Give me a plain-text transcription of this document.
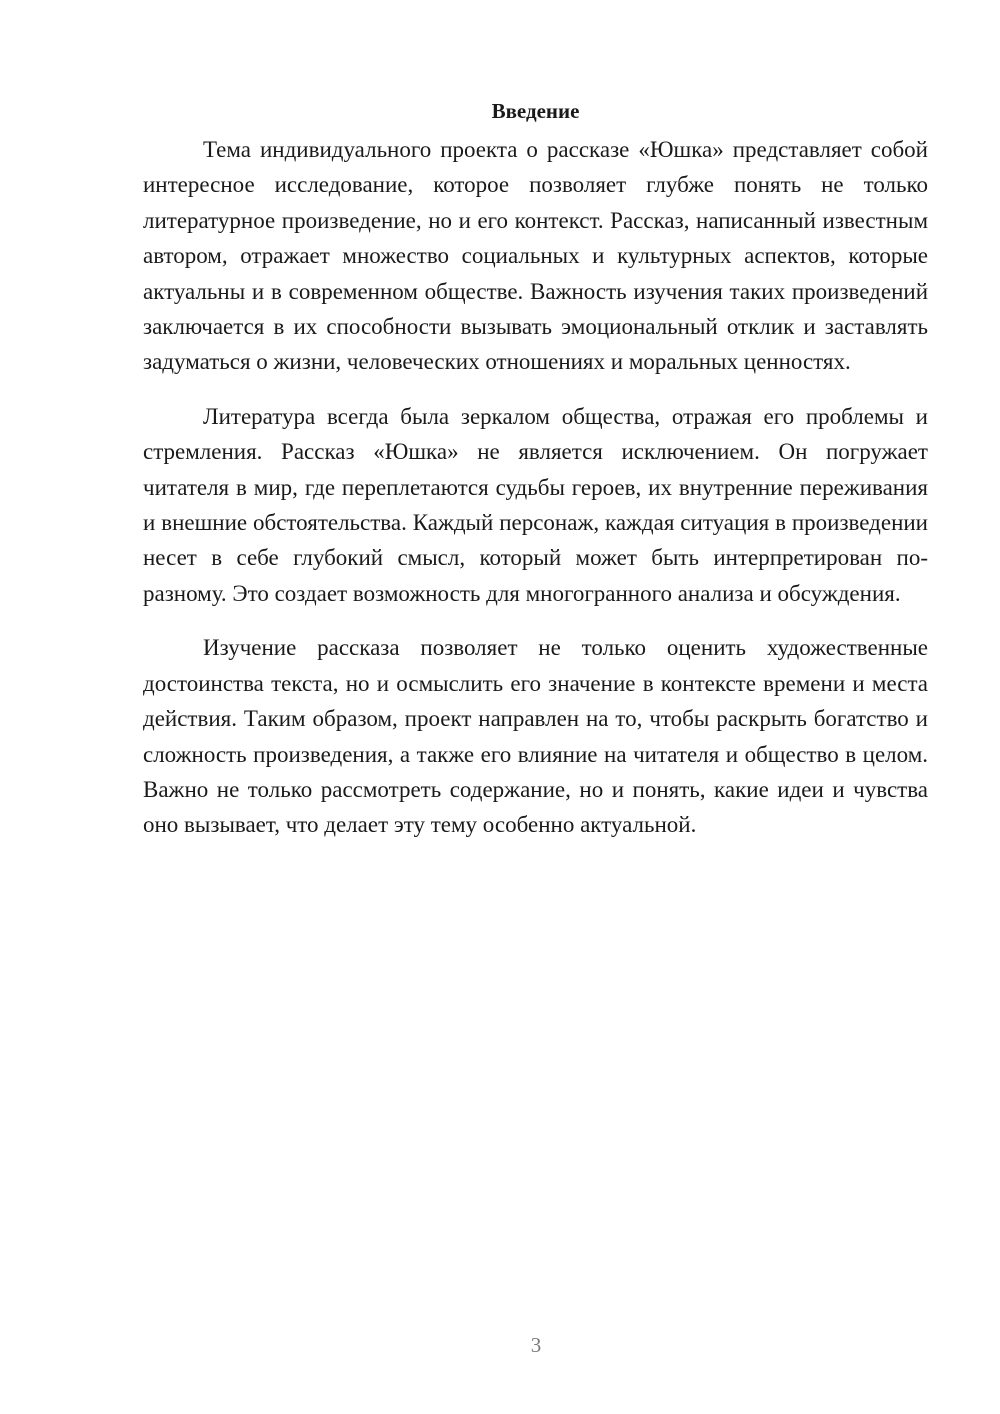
Введение

Тема индивидуального проекта о рассказе «Юшка» представляет собой интересное исследование, которое позволяет глубже понять не только литературное произведение, но и его контекст. Рассказ, написанный известным автором, отражает множество социальных и культурных аспектов, которые актуальны и в современном обществе. Важность изучения таких произведений заключается в их способности вызывать эмоциональный отклик и заставлять задуматься о жизни, человеческих отношениях и моральных ценностях.

Литература всегда была зеркалом общества, отражая его проблемы и стремления. Рассказ «Юшка» не является исключением. Он погружает читателя в мир, где переплетаются судьбы героев, их внутренние переживания и внешние обстоятельства. Каждый персонаж, каждая ситуация в произведении несет в себе глубокий смысл, который может быть интерпретирован по-разному. Это создает возможность для многогранного анализа и обсуждения.

Изучение рассказа позволяет не только оценить художественные достоинства текста, но и осмыслить его значение в контексте времени и места действия. Таким образом, проект направлен на то, чтобы раскрыть богатство и сложность произведения, а также его влияние на читателя и общество в целом. Важно не только рассмотреть содержание, но и понять, какие идеи и чувства оно вызывает, что делает эту тему особенно актуальной.

3
